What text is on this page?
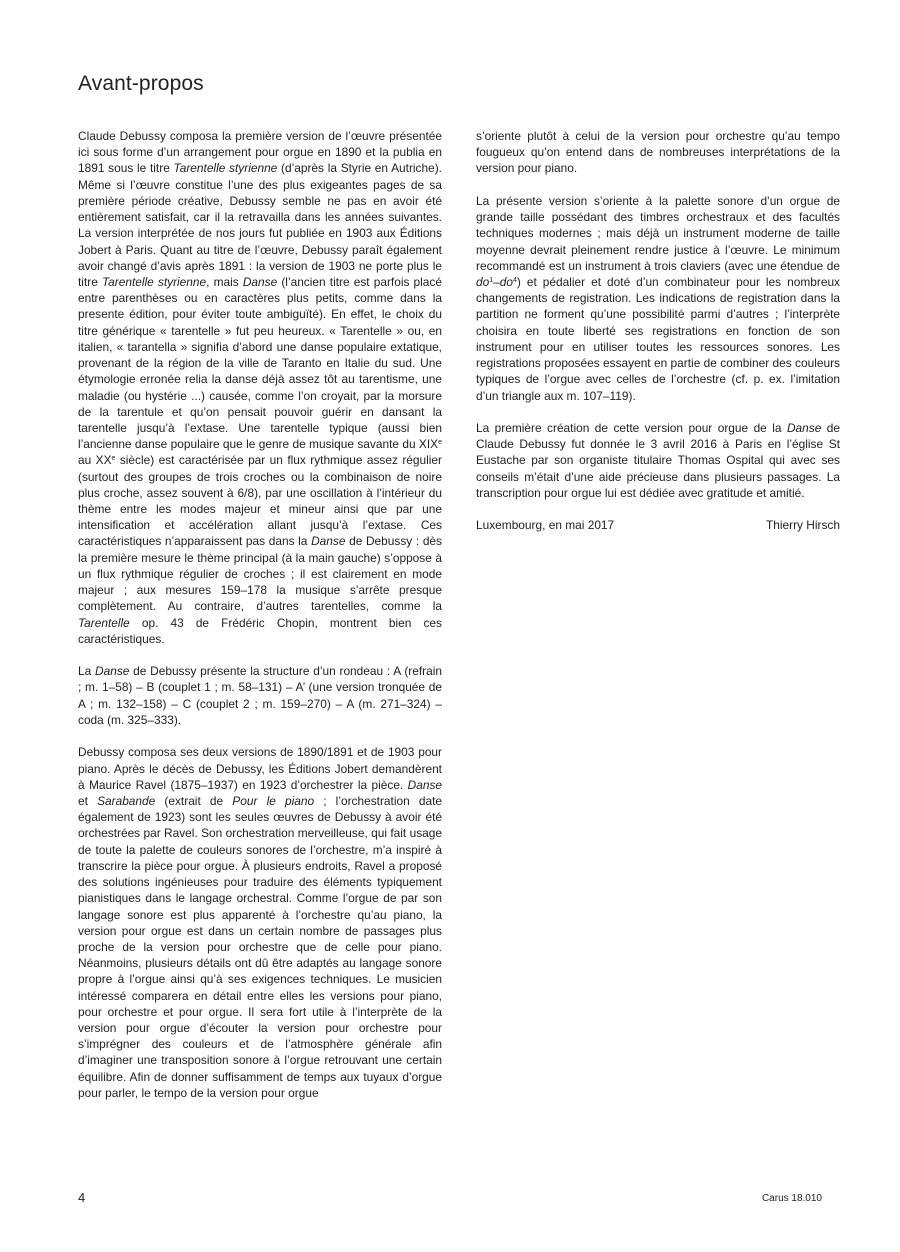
Avant-propos

Claude Debussy composa la première version de l’œuvre présentée ici sous forme d’un arrangement pour orgue en 1890 et la publia en 1891 sous le titre Tarentelle styrienne (d’après la Styrie en Autriche). Même si l’œuvre constitue l’une des plus exigeantes pages de sa première période créative, Debussy semble ne pas en avoir été entièrement satisfait, car il la retravailla dans les années suivantes. La version interprétée de nos jours fut publiée en 1903 aux Éditions Jobert à Paris. Quant au titre de l’œuvre, Debussy paraît également avoir changé d’avis après 1891 : la version de 1903 ne porte plus le titre Tarentelle styrienne, mais Danse (l’ancien titre est parfois placé entre parenthèses ou en caractères plus petits, comme dans la presente édition, pour éviter toute ambiguïté). En effet, le choix du titre générique « tarentelle » fut peu heureux. « Tarentelle » ou, en italien, « tarantella » signifia d’abord une danse populaire extatique, provenant de la région de la ville de Taranto en Italie du sud. Une étymologie erronée relia la danse déjà assez tôt au tarentisme, une maladie (ou hystérie ...) causée, comme l’on croyait, par la morsure de la tarentule et qu’on pensait pouvoir guérir en dansant la tarentelle jusqu’à l’extase. Une tarentelle typique (aussi bien l’ancienne danse populaire que le genre de musique savante du XIXe au XXe siècle) est caractérisée par un flux rythmique assez régulier (surtout des groupes de trois croches ou la combinaison de noire plus croche, assez souvent à 6/8), par une oscillation à l’intérieur du thème entre les modes majeur et mineur ainsi que par une intensification et accélération allant jusqu’à l’extase. Ces caractéristiques n’apparaissent pas dans la Danse de Debussy : dès la première mesure le thème principal (à la main gauche) s’oppose à un flux rythmique régulier de croches ; il est clairement en mode majeur ; aux mesures 159–178 la musique s’arrête presque complètement. Au contraire, d’autres tarentelles, comme la Tarentelle op. 43 de Frédéric Chopin, montrent bien ces caractéristiques.

La Danse de Debussy présente la structure d’un rondeau : A (refrain ; m. 1–58) – B (couplet 1 ; m. 58–131) – A’ (une version tronquée de A ; m. 132–158) – C (couplet 2 ; m. 159–270) – A (m. 271–324) – coda (m. 325–333).

Debussy composa ses deux versions de 1890/1891 et de 1903 pour piano. Après le décès de Debussy, les Éditions Jobert demandèrent à Maurice Ravel (1875–1937) en 1923 d’orchestrer la pièce. Danse et Sarabande (extrait de Pour le piano ; l’orchestration date également de 1923) sont les seules œuvres de Debussy à avoir été orchestrées par Ravel. Son orchestration merveilleuse, qui fait usage de toute la palette de couleurs sonores de l’orchestre, m’a inspiré à transcrire la pièce pour orgue. À plusieurs endroits, Ravel a proposé des solutions ingénieuses pour traduire des éléments typiquement pianistiques dans le langage orchestral. Comme l’orgue de par son langage sonore est plus apparenté à l’orchestre qu’au piano, la version pour orgue est dans un certain nombre de passages plus proche de la version pour orchestre que de celle pour piano. Néanmoins, plusieurs détails ont dû être adaptés au langage sonore propre à l’orgue ainsi qu’à ses exigences techniques. Le musicien intéressé comparera en détail entre elles les versions pour piano, pour orchestre et pour orgue. Il sera fort utile à l’interprète de la version pour orgue d’écouter la version pour orchestre pour s’imprégner des couleurs et de l’atmosphère générale afin d’imaginer une transposition sonore à l’orgue retrouvant une certain équilibre. Afin de donner suffisamment de temps aux tuyaux d’orgue pour parler, le tempo de la version pour orgue

s’oriente plutôt à celui de la version pour orchestre qu’au tempo fougueux qu’on entend dans de nombreuses interprétations de la version pour piano.

La présente version s’oriente à la palette sonore d’un orgue de grande taille possédant des timbres orchestraux et des facultés techniques modernes ; mais déjà un instrument moderne de taille moyenne devrait pleinement rendre justice à l’œuvre. Le minimum recommandé est un instrument à trois claviers (avec une étendue de $do^1-do^4$) et pédalier et doté d’un combinateur pour les nombreux changements de registration. Les indications de registration dans la partition ne forment qu’une possibilité parmi d’autres ; l’interprète choisira en toute liberté ses registrations en fonction de son instrument pour en utiliser toutes les ressources sonores. Les registrations proposées essayent en partie de combiner des couleurs typiques de l’orgue avec celles de l’orchestre (cf. p. ex. l’imitation d’un triangle aux m. 107–119).

La première création de cette version pour orgue de la Danse de Claude Debussy fut donnée le 3 avril 2016 à Paris en l’église St Eustache par son organiste titulaire Thomas Ospital qui avec ses conseils m’était d’une aide précieuse dans plusieurs passages. La transcription pour orgue lui est dédiée avec gratitude et amitié.

Luxembourg, en mai 2017	Thierry Hirsch
4	Carus 18.010
